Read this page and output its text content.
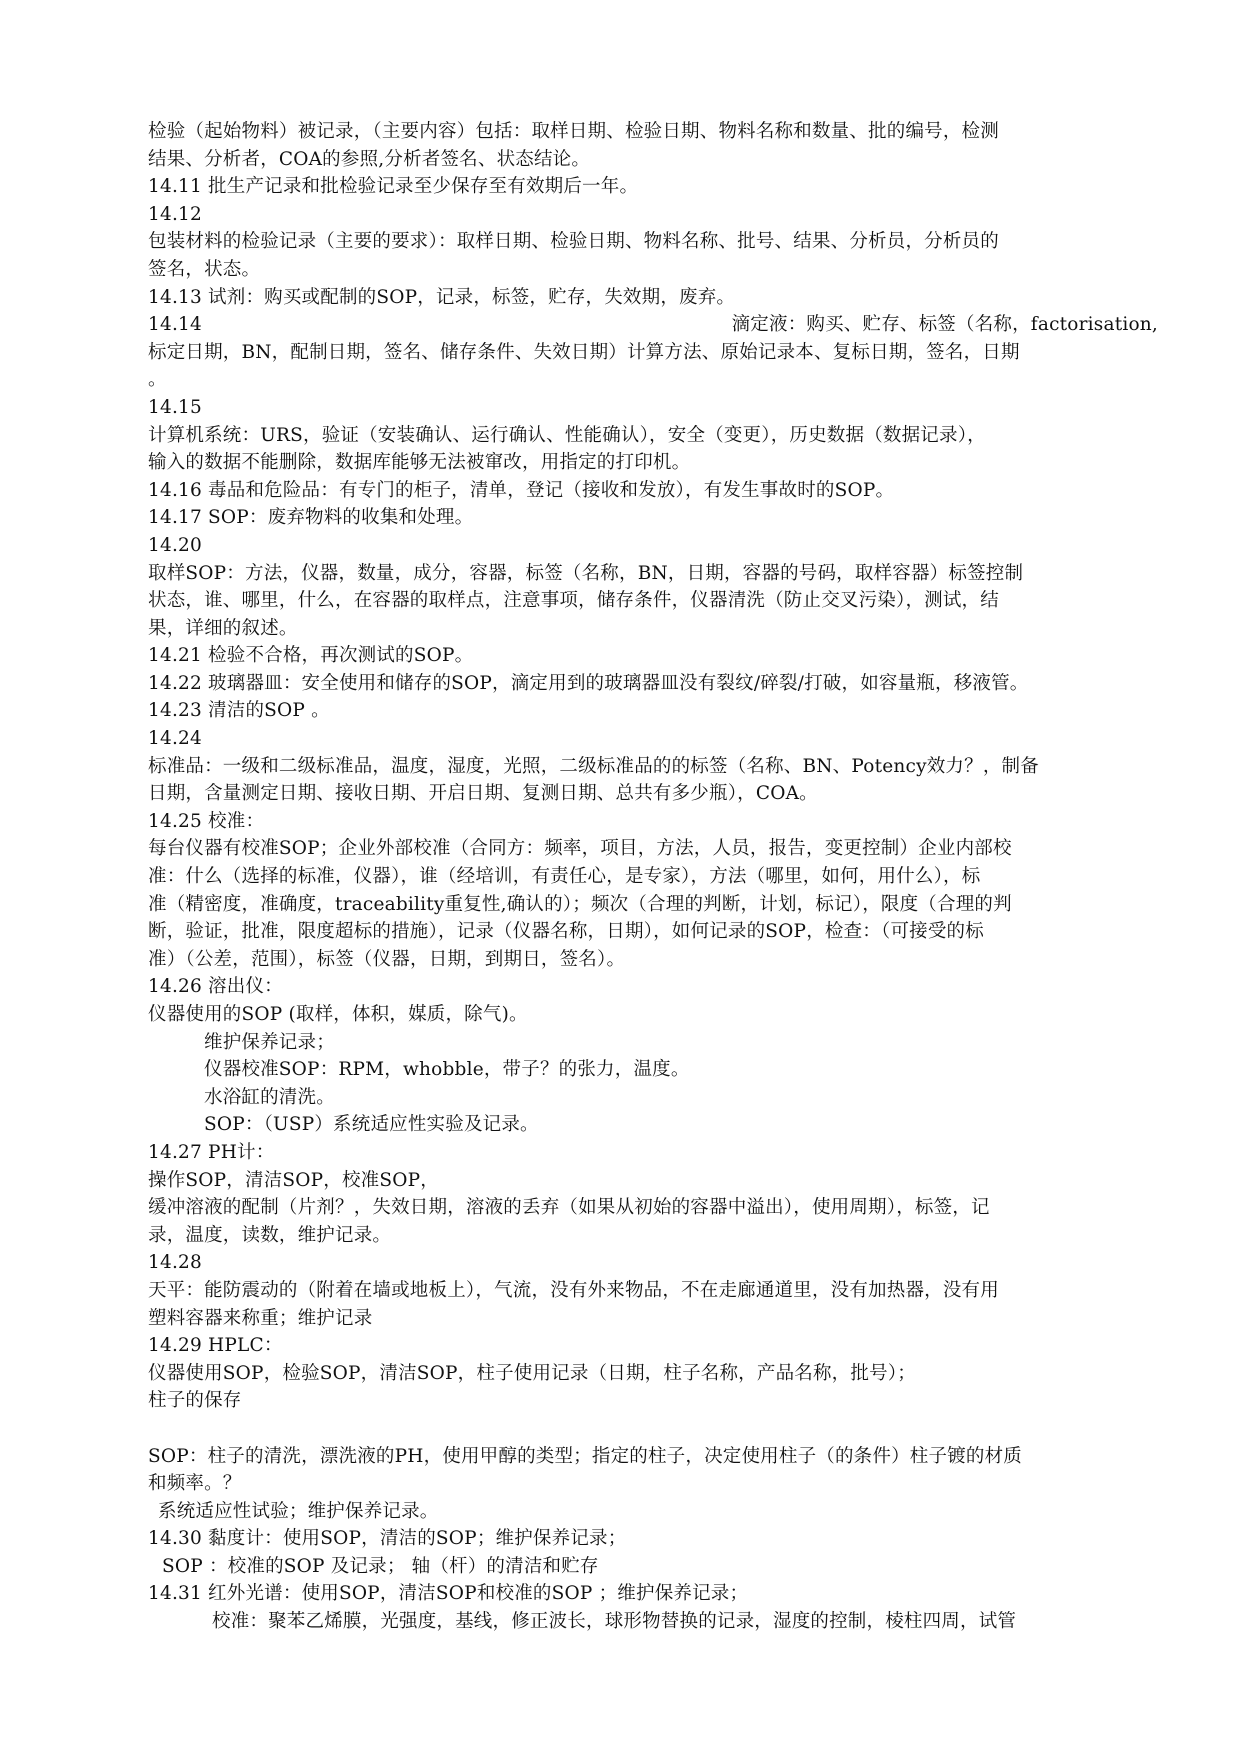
检验（起始物料）被记录，（主要内容）包括：取样日期、检验日期、物料名称和数量、批的编号，检测
结果、分析者，COA的参照,分析者签名、状态结论。
14.11 批生产记录和批检验记录至少保存至有效期后一年。
14.12
包装材料的检验记录（主要的要求）：取样日期、检验日期、物料名称、批号、结果、分析员，分析员的
签名，状态。
14.13 试剂：购买或配制的SOP，记录，标签，贮存，失效期，废弃。
14.14	滴定液：购买、贮存、标签（名称，factorisation,
标定日期，BN，配制日期，签名、储存条件、失效日期）计算方法、原始记录本、复标日期，签名，日期
。
14.15
计算机系统：URS，验证（安装确认、运行确认、性能确认），安全（变更），历史数据（数据记录），
输入的数据不能删除，数据库能够无法被窜改，用指定的打印机。
14.16 毒品和危险品：有专门的柜子，清单，登记（接收和发放），有发生事故时的SOP。
14.17 SOP：废弃物料的收集和处理。
14.20
取样SOP：方法，仪器，数量，成分，容器，标签（名称，BN，日期，容器的号码，取样容器）标签控制
状态，谁、哪里，什么，在容器的取样点，注意事项，储存条件，仪器清洗（防止交叉污染），测试，结
果，详细的叙述。
14.21 检验不合格，再次测试的SOP。
14.22 玻璃器皿：安全使用和储存的SOP，滴定用到的玻璃器皿没有裂纹/碎裂/打破，如容量瓶，移液管。
14.23 清洁的SOP 。
14.24
标准品：一级和二级标准品，温度，湿度，光照，二级标准品的的标签（名称、BN、Potency效力？，制备
日期，含量测定日期、接收日期、开启日期、复测日期、总共有多少瓶），COA。
14.25 校准：
每台仪器有校准SOP；企业外部校准（合同方：频率，项目，方法，人员，报告，变更控制）企业内部校
准：什么（选择的标准，仪器），谁（经培训，有责任心，是专家），方法（哪里，如何，用什么），标
准（精密度，准确度，traceability重复性,确认的）；频次（合理的判断，计划，标记），限度（合理的判
断，验证，批准，限度超标的措施），记录（仪器名称，日期），如何记录的SOP，检查：（可接受的标
准）（公差，范围），标签（仪器，日期，到期日，签名）。
14.26 溶出仪：
仪器使用的SOP (取样，体积，媒质，除气)。
维护保养记录；
仪器校准SOP：RPM，whobble，带子？的张力，温度。
水浴缸的清洗。
SOP：（USP）系统适应性实验及记录。
14.27 PH计：
操作SOP，清洁SOP，校准SOP，
缓冲溶液的配制（片剂？，失效日期，溶液的丢弃（如果从初始的容器中溢出），使用周期），标签，记
录，温度，读数，维护记录。
14.28
天平：能防震动的（附着在墙或地板上），气流，没有外来物品，不在走廊通道里，没有加热器，没有用
塑料容器来称重；维护记录
14.29 HPLC：
仪器使用SOP，检验SOP，清洁SOP，柱子使用记录（日期，柱子名称，产品名称，批号）；
柱子的保存
SOP：柱子的清洗，漂洗液的PH，使用甲醇的类型；指定的柱子，决定使用柱子（的条件）柱子镀的材质
和频率。？
系统适应性试验；维护保养记录。
14.30 黏度计：使用SOP，清洁的SOP；维护保养记录；
SOP ：校准的SOP 及记录； 轴（杆）的清洁和贮存
14.31 红外光谱：使用SOP，清洁SOP和校准的SOP ；维护保养记录；
校准：聚苯乙烯膜，光强度，基线，修正波长，球形物替换的记录，湿度的控制，棱柱四周，试管
